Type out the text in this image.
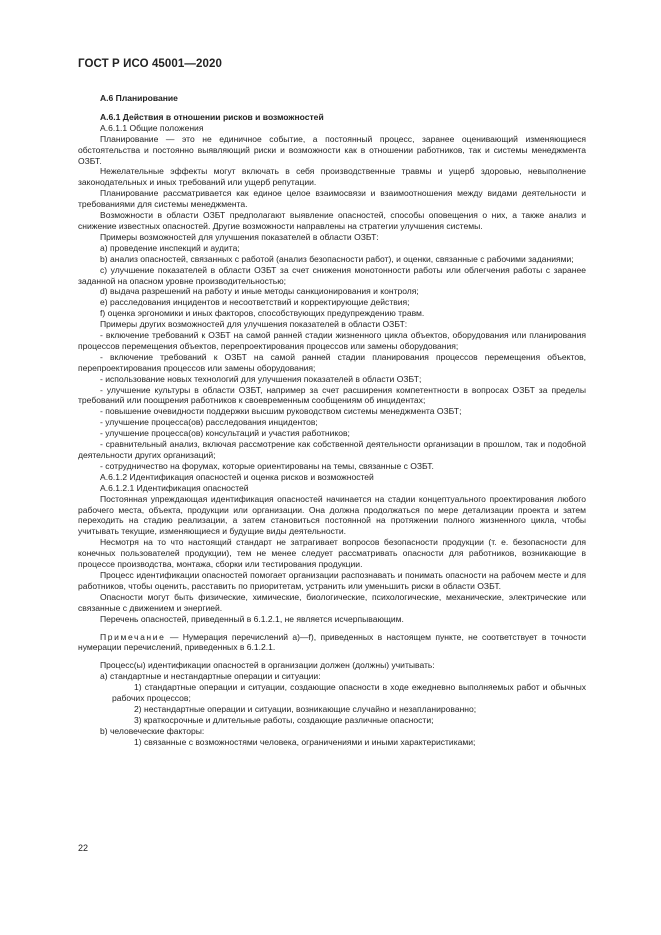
ГОСТ Р ИСО 45001—2020

А.6 Планирование

А.6.1 Действия в отношении рисков и возможностей

А.6.1.1 Общие положения

Планирование — это не единичное событие, а постоянный процесс, заранее оценивающий изменяющиеся обстоятельства и постоянно выявляющий риски и возможности как в отношении работников, так и системы менеджмента ОЗБТ.

Нежелательные эффекты могут включать в себя производственные травмы и ущерб здоровью, невыполнение законодательных и иных требований или ущерб репутации.

Планирование рассматривается как единое целое взаимосвязи и взаимоотношения между видами деятельности и требованиями для системы менеджмента.

Возможности в области ОЗБТ предполагают выявление опасностей, способы оповещения о них, а также анализ и снижение известных опасностей. Другие возможности направлены на стратегии улучшения системы.

Примеры возможностей для улучшения показателей в области ОЗБТ:

a) проведение инспекций и аудита;

b) анализ опасностей, связанных с работой (анализ безопасности работ), и оценки, связанные с рабочими заданиями;

c) улучшение показателей в области ОЗБТ за счет снижения монотонности работы или облегчения работы с заранее заданной на опасном уровне производительностью;

d) выдача разрешений на работу и иные методы санкционирования и контроля;

e) расследования инцидентов и несоответствий и корректирующие действия;

f) оценка эргономики и иных факторов, способствующих предупреждению травм.

Примеры других возможностей для улучшения показателей в области ОЗБТ:

- включение требований к ОЗБТ на самой ранней стадии жизненного цикла объектов, оборудования или планирования процессов перемещения объектов, перепроектирования процессов или замены оборудования;

- включение требований к ОЗБТ на самой ранней стадии планирования процессов перемещения объектов, перепроектирования процессов или замены оборудования;

- использование новых технологий для улучшения показателей в области ОЗБТ;

- улучшение культуры в области ОЗБТ, например за счет расширения компетентности в вопросах ОЗБТ за пределы требований или поощрения работников к своевременным сообщениям об инцидентах;

- повышение очевидности поддержки высшим руководством системы менеджмента ОЗБТ;

- улучшение процесса(ов) расследования инцидентов;

- улучшение процесса(ов) консультаций и участия работников;

- сравнительный анализ, включая рассмотрение как собственной деятельности организации в прошлом, так и подобной деятельности других организаций;

- сотрудничество на форумах, которые ориентированы на темы, связанные с ОЗБТ.

А.6.1.2 Идентификация опасностей и оценка рисков и возможностей

А.6.1.2.1 Идентификация опасностей

Постоянная упреждающая идентификация опасностей начинается на стадии концептуального проектирования любого рабочего места, объекта, продукции или организации. Она должна продолжаться по мере детализации проекта и затем переходить на стадию реализации, а затем становиться постоянной на протяжении полного жизненного цикла, чтобы учитывать текущие, изменяющиеся и будущие виды деятельности.

Несмотря на то что настоящий стандарт не затрагивает вопросов безопасности продукции (т. е. безопасности для конечных пользователей продукции), тем не менее следует рассматривать опасности для работников, возникающие в процессе производства, монтажа, сборки или тестирования продукции.

Процесс идентификации опасностей помогает организации распознавать и понимать опасности на рабочем месте и для работников, чтобы оценить, расставить по приоритетам, устранить или уменьшить риски в области ОЗБТ.

Опасности могут быть физические, химические, биологические, психологические, механические, электрические или связанные с движением и энергией.

Перечень опасностей, приведенный в 6.1.2.1, не является исчерпывающим.

Примечание — Нумерация перечислений a)—f), приведенных в настоящем пункте, не соответствует в точности нумерации перечислений, приведенных в 6.1.2.1.

Процесс(ы) идентификации опасностей в организации должен (должны) учитывать:

a) стандартные и нестандартные операции и ситуации:

1) стандартные операции и ситуации, создающие опасности в ходе ежедневно выполняемых работ и обычных рабочих процессов;

2) нестандартные операции и ситуации, возникающие случайно и незапланированно;

3) краткосрочные и длительные работы, создающие различные опасности;

b) человеческие факторы:

1) связанные с возможностями человека, ограничениями и иными характеристиками;

22
